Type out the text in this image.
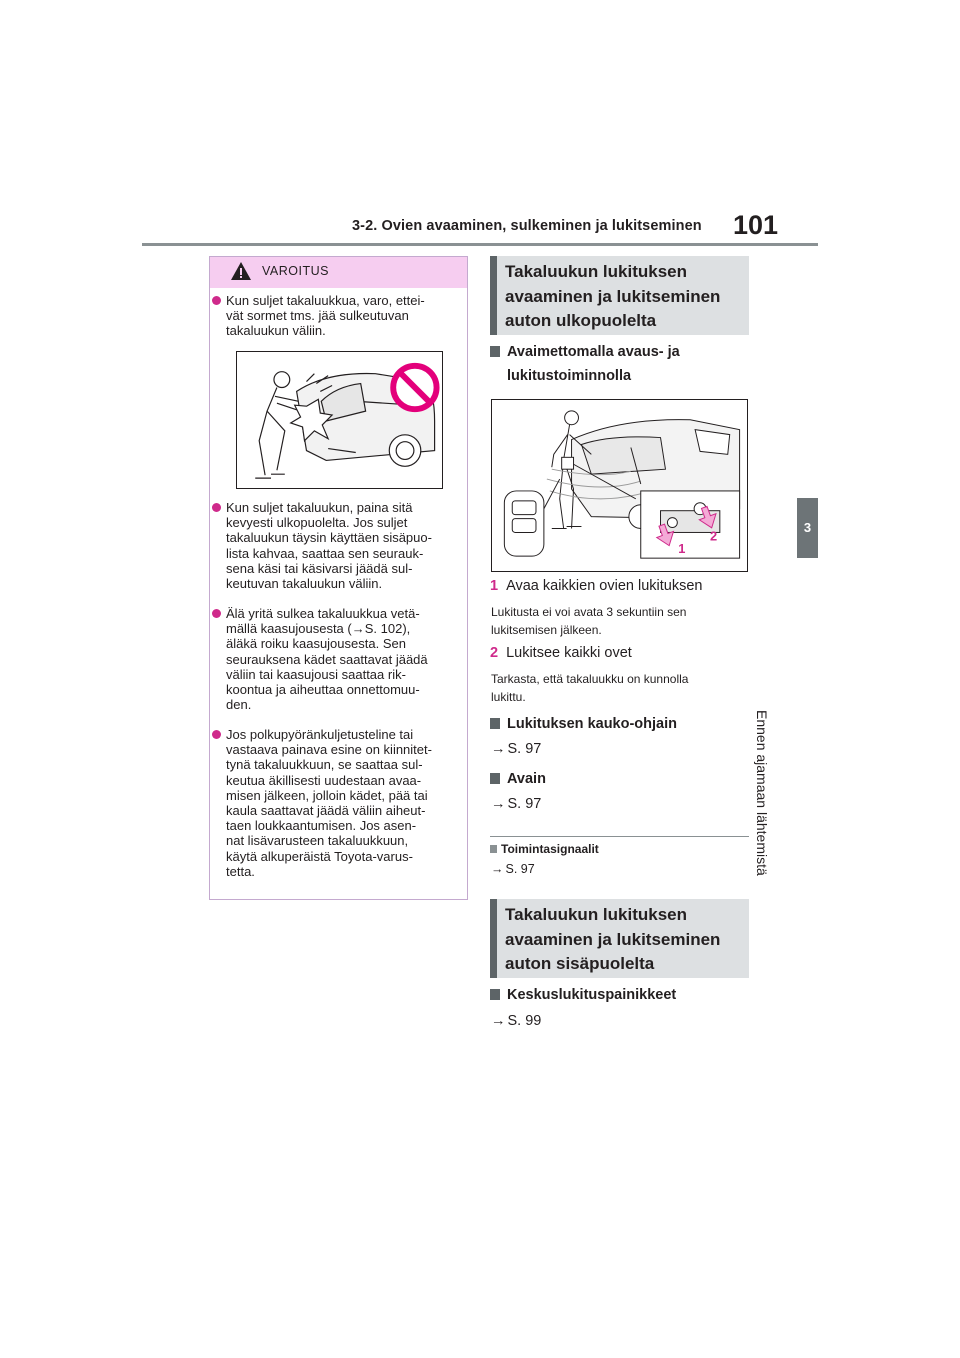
3-2. Ovien avaaminen, sulkeminen ja lukitseminen 101
3
Ennen ajamaan lähtemistä
VAROITUS
Kun suljet takaluukkua, varo, ettei-
vät sormet tms. jää sulkeutuvan
takaluukun väliin.
Kun suljet takaluukun, paina sitä
kevyesti ulkopuolelta. Jos suljet
takaluukun täysin käyttäen sisäpuo-
lista kahvaa, saattaa sen seurauk-
sena käsi tai käsivarsi jäädä sul-
keutuvan takaluukun väliin.
Älä yritä sulkea takaluukkua vetä-
mällä kaasujousesta (→S. 102),
äläkä roiku kaasujousesta. Sen
seurauksena kädet saattavat jäädä
väliin tai kaasujousi saattaa rik-
koontua ja aiheuttaa onnettomuu-
den.
Jos polkupyöränkuljetusteline tai
vastaava painava esine on kiinnitet-
tynä takaluukkuun, se saattaa sul-
keutua äkillisesti uudestaan avaa-
misen jälkeen, jolloin kädet, pää tai
kaula saattavat jäädä väliin aiheut-
taen loukkaantumisen. Jos asen-
nat lisävarusteen takaluukkuun,
käytä alkuperäistä Toyota-varus-
tetta.
Takaluukun lukituksen
avaaminen ja lukitseminen
auton ulkopuolelta
Avaimettomalla avaus- ja
lukitustoiminnolla
1
2
1 Avaa kaikkien ovien lukituksen
Lukitusta ei voi avata 3 sekuntiin sen
lukitsemisen jälkeen.
2 Lukitsee kaikki ovet
Tarkasta, että takaluukku on kunnolla
lukittu.
Lukituksen kauko-ohjain
→ S. 97
Avain
→ S. 97
Toimintasignaalit
→ S. 97
Takaluukun lukituksen
avaaminen ja lukitseminen
auton sisäpuolelta
Keskuslukituspainikkeet
→ S. 99
